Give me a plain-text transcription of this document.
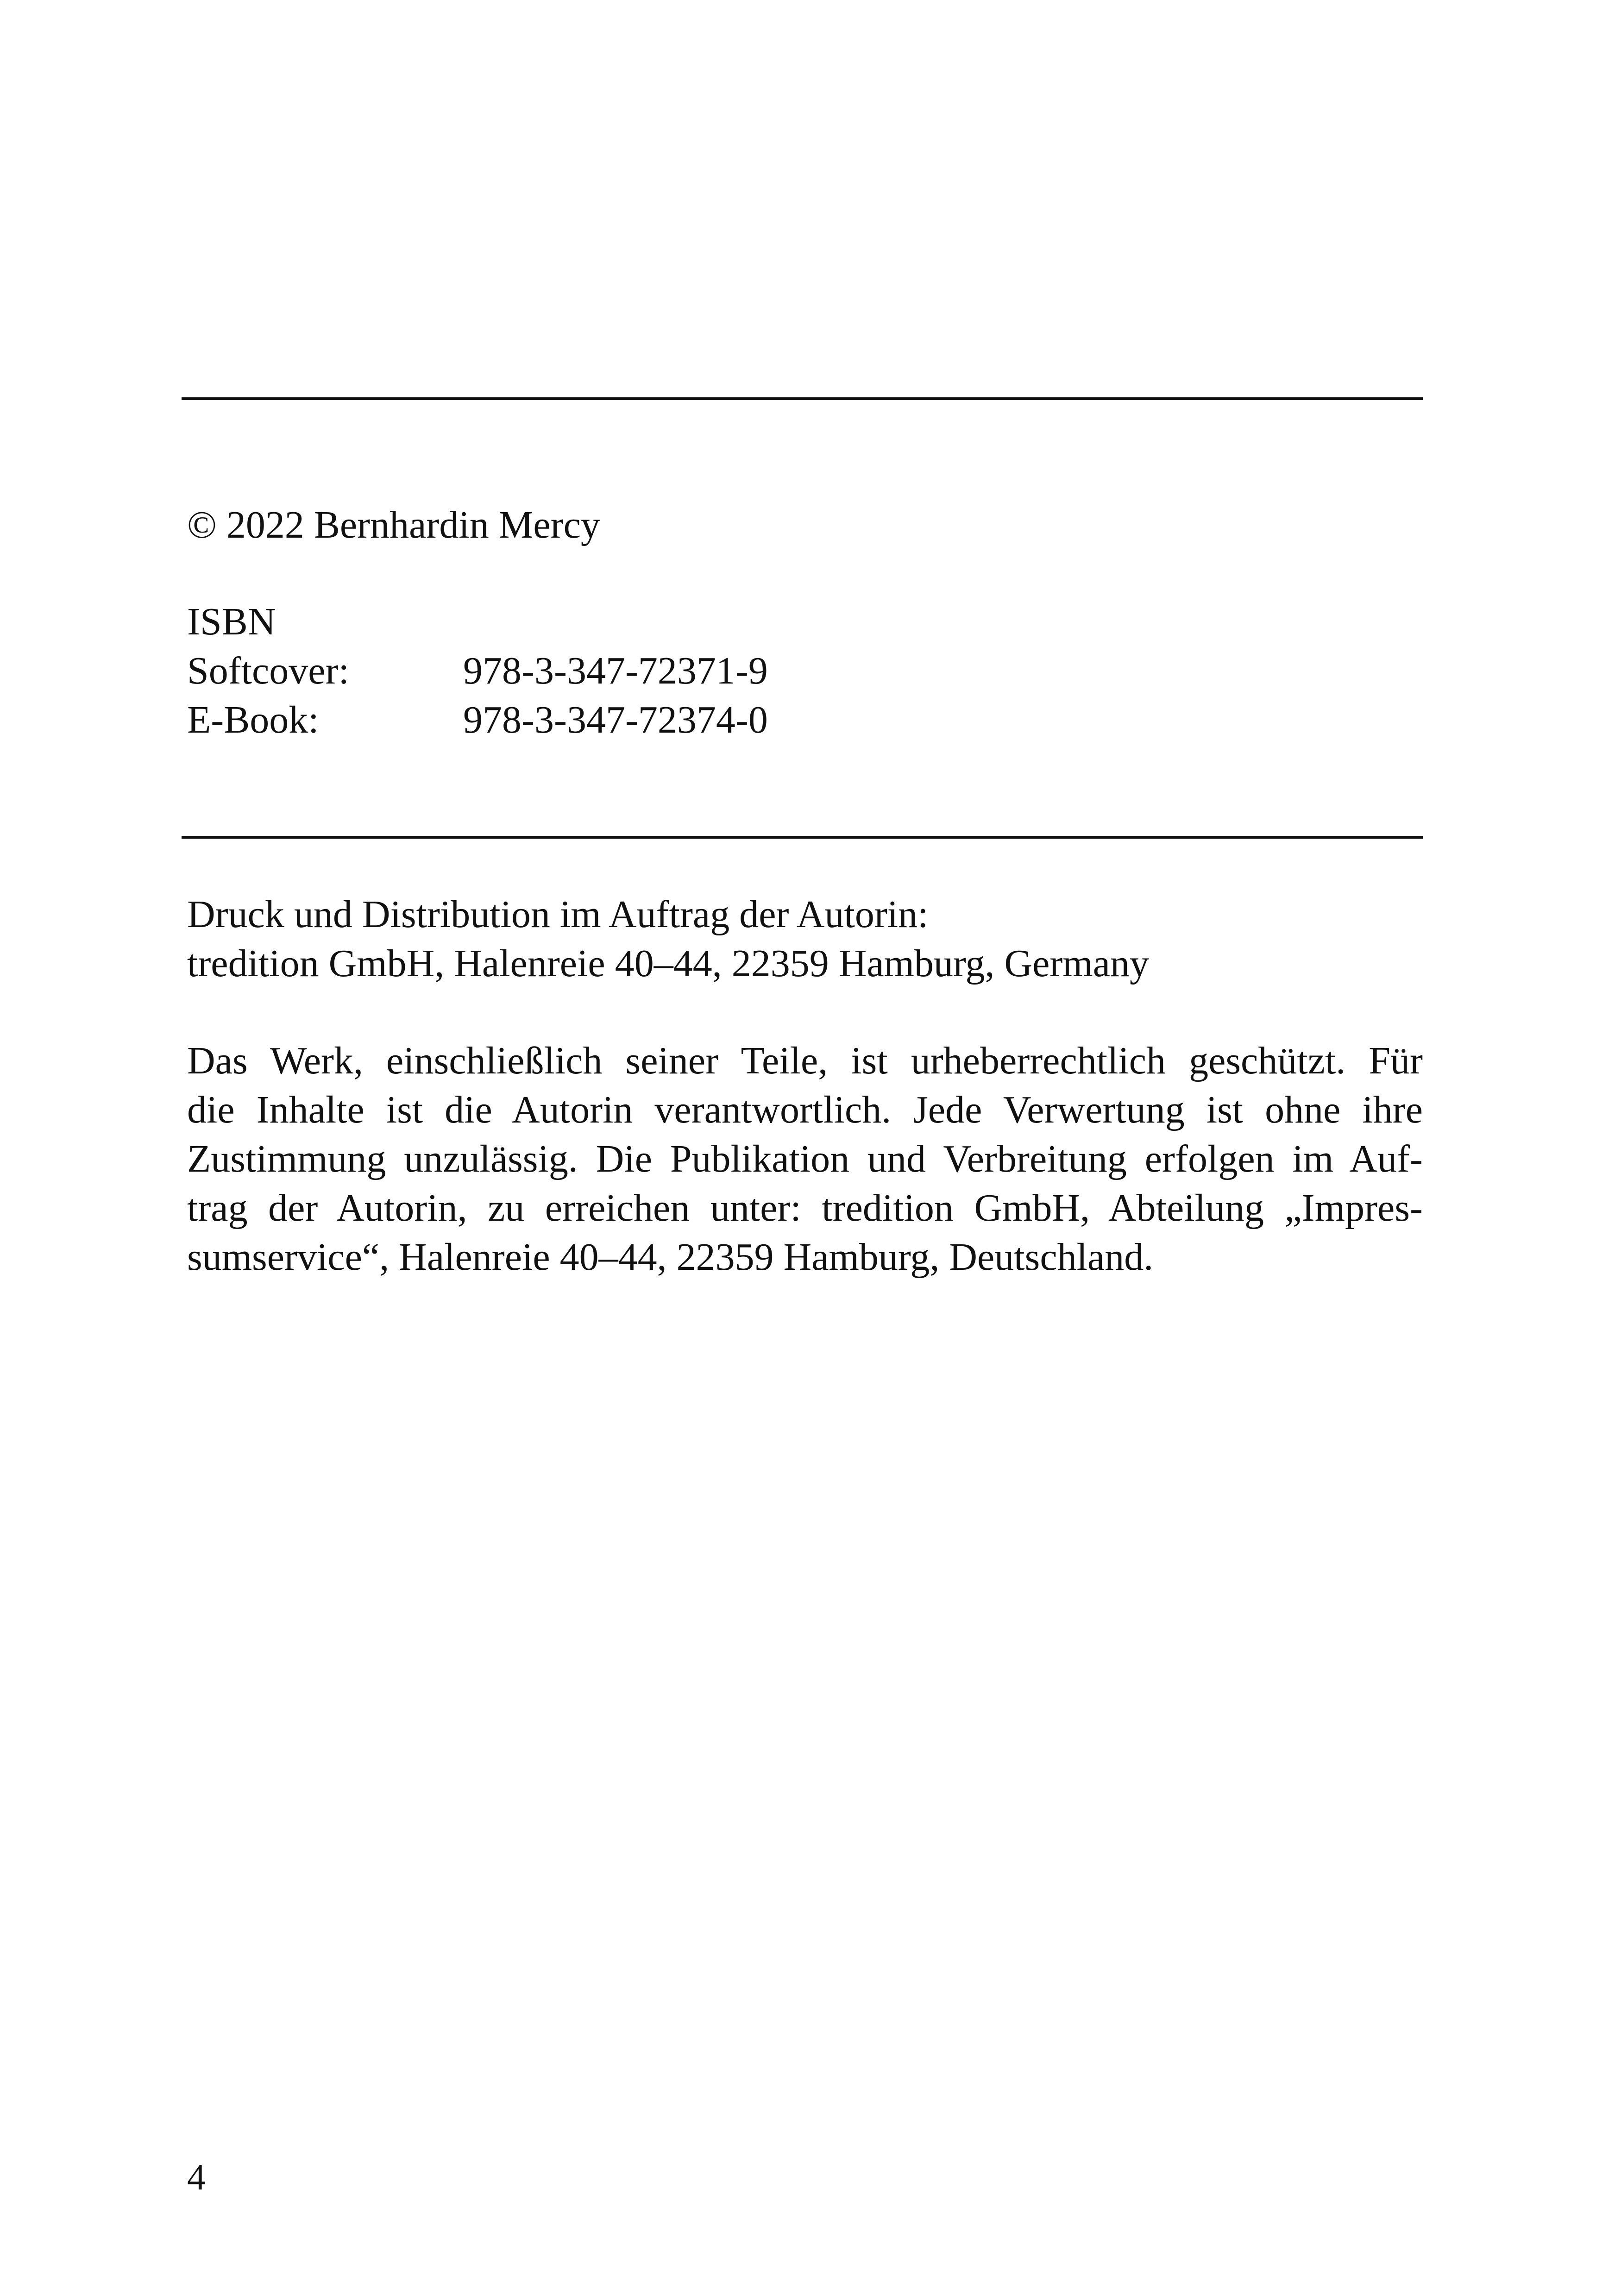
© 2022 Bernhardin Mercy
ISBN
Softcover:	978-3-347-72371-9
E-Book:	978-3-347-72374-0
Druck und Distribution im Auftrag der Autorin:
tredition GmbH, Halenreie 40–44, 22359 Hamburg, Germany
Das Werk, einschließlich seiner Teile, ist urheberrechtlich geschützt. Für
die Inhalte ist die Autorin verantwortlich. Jede Verwertung ist ohne ihre
Zustimmung unzulässig. Die Publikation und Verbreitung erfolgen im Auf-
trag der Autorin, zu erreichen unter: tredition GmbH, Abteilung „Impres-
sumservice“, Halenreie 40–44, 22359 Hamburg, Deutschland.
4
